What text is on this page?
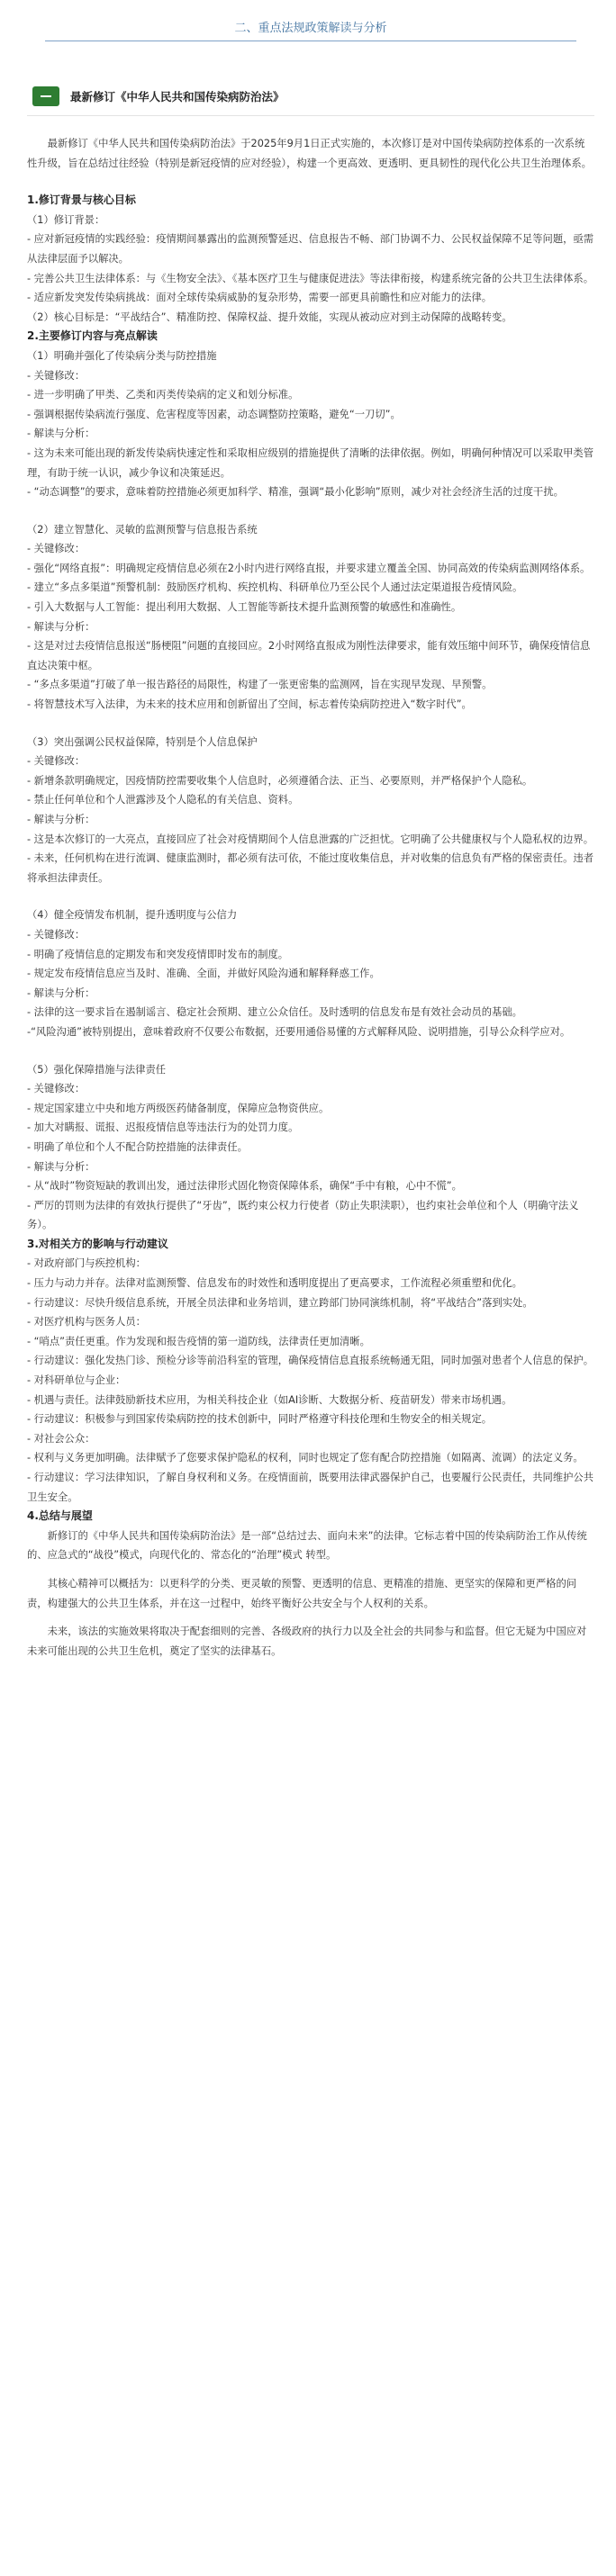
二、重点法规政策解读与分析
最新修订《中华人民共和国传染病防治法》
最新修订《中华人民共和国传染病防治法》于2025年9月1日正式实施的，本次修订是对中国传染病防控体系的一次系统性升级，旨在总结过往经验（特别是新冠疫情的应对经验），构建一个更高效、更透明、更具韧性的现代化公共卫生治理体系。
1.修订背景与核心目标
（1）修订背景：
- 应对新冠疫情的实践经验：疫情期间暴露出的监测预警延迟、信息报告不畅、部门协调不力、公民权益保障不足等问题，亟需从法律层面予以解决。
- 完善公共卫生法律体系：与《生物安全法》、《基本医疗卫生与健康促进法》等法律衔接，构建系统完备的公共卫生法律体系。
- 适应新发突发传染病挑战：面对全球传染病威胁的复杂形势，需要一部更具前瞻性和应对能力的法律。
（2）核心目标是：“平战结合”、精准防控、保障权益、提升效能，实现从被动应对到主动保障的战略转变。
2.主要修订内容与亮点解读
（1）明确并强化了传染病分类与防控措施
- 关键修改：
- 进一步明确了甲类、乙类和丙类传染病的定义和划分标准。
- 强调根据传染病流行强度、危害程度等因素，动态调整防控策略，避免“一刀切”。
- 解读与分析：
- 这为未来可能出现的新发传染病快速定性和采取相应级别的措施提供了清晰的法律依据。例如，明确何种情况可以采取甲类管理，有助于统一认识，减少争议和决策延迟。
- “动态调整”的要求，意味着防控措施必须更加科学、精准，强调“最小化影响”原则，减少对社会经济生活的过度干扰。
（2）建立智慧化、灵敏的监测预警与信息报告系统
- 关键修改：
- 强化“网络直报”：明确规定疫情信息必须在2小时内进行网络直报，并要求建立覆盖全国、协同高效的传染病监测网络体系。
- 建立“多点多渠道”预警机制：鼓励医疗机构、疾控机构、科研单位乃至公民个人通过法定渠道报告疫情风险。
- 引入大数据与人工智能：提出利用大数据、人工智能等新技术提升监测预警的敏感性和准确性。
- 解读与分析：
- 这是对过去疫情信息报送“肠梗阻”问题的直接回应。2小时网络直报成为刚性法律要求，能有效压缩中间环节，确保疫情信息直达决策中枢。
- “多点多渠道”打破了单一报告路径的局限性，构建了一张更密集的监测网，旨在实现早发现、早预警。
- 将智慧技术写入法律，为未来的技术应用和创新留出了空间，标志着传染病防控进入“数字时代”。
（3）突出强调公民权益保障，特别是个人信息保护
- 关键修改：
- 新增条款明确规定，因疫情防控需要收集个人信息时，必须遵循合法、正当、必要原则，并严格保护个人隐私。
- 禁止任何单位和个人泄露涉及个人隐私的有关信息、资料。
- 解读与分析：
- 这是本次修订的一大亮点，直接回应了社会对疫情期间个人信息泄露的广泛担忧。它明确了公共健康权与个人隐私权的边界。
- 未来，任何机构在进行流调、健康监测时，都必须有法可依，不能过度收集信息，并对收集的信息负有严格的保密责任。违者将承担法律责任。
（4）健全疫情发布机制，提升透明度与公信力
- 关键修改：
- 明确了疫情信息的定期发布和突发疫情即时发布的制度。
- 规定发布疫情信息应当及时、准确、全面，并做好风险沟通和解释释惑工作。
- 解读与分析：
- 法律的这一要求旨在遏制谣言、稳定社会预期、建立公众信任。及时透明的信息发布是有效社会动员的基础。
-“风险沟通”被特别提出，意味着政府不仅要公布数据，还要用通俗易懂的方式解释风险、说明措施，引导公众科学应对。
（5）强化保障措施与法律责任
- 关键修改：
- 规定国家建立中央和地方两级医药储备制度，保障应急物资供应。
- 加大对瞒报、谎报、迟报疫情信息等违法行为的处罚力度。
- 明确了单位和个人不配合防控措施的法律责任。
- 解读与分析：
- 从“战时”物资短缺的教训出发，通过法律形式固化物资保障体系，确保“手中有粮，心中不慌”。
- 严厉的罚则为法律的有效执行提供了“牙齿”，既约束公权力行使者（防止失职渎职），也约束社会单位和个人（明确守法义务）。
3.对相关方的影响与行动建议
- 对政府部门与疾控机构：
- 压力与动力并存。法律对监测预警、信息发布的时效性和透明度提出了更高要求，工作流程必须重塑和优化。
- 行动建议：尽快升级信息系统，开展全员法律和业务培训，建立跨部门协同演练机制，将“平战结合”落到实处。
- 对医疗机构与医务人员：
- “哨点”责任更重。作为发现和报告疫情的第一道防线，法律责任更加清晰。
- 行动建议：强化发热门诊、预检分诊等前沿科室的管理，确保疫情信息直报系统畅通无阻，同时加强对患者个人信息的保护。
- 对科研单位与企业：
- 机遇与责任。法律鼓励新技术应用，为相关科技企业（如AI诊断、大数据分析、疫苗研发）带来市场机遇。
- 行动建议：积极参与到国家传染病防控的技术创新中，同时严格遵守科技伦理和生物安全的相关规定。
- 对社会公众：
- 权利与义务更加明确。法律赋予了您要求保护隐私的权利，同时也规定了您有配合防控措施（如隔离、流调）的法定义务。
- 行动建议：学习法律知识，了解自身权利和义务。在疫情面前，既要用法律武器保护自己，也要履行公民责任，共同维护公共卫生安全。
4.总结与展望
新修订的《中华人民共和国传染病防治法》是一部“总结过去、面向未来”的法律。它标志着中国的传染病防治工作从传统的、应急式的“战役”模式，向现代化的、常态化的“治理”模式 转型。
其核心精神可以概括为：以更科学的分类、更灵敏的预警、更透明的信息、更精准的措施、更坚实的保障和更严格的问责，构建强大的公共卫生体系，并在这一过程中，始终平衡好公共安全与个人权利的关系。
未来，该法的实施效果将取决于配套细则的完善、各级政府的执行力以及全社会的共同参与和监督。但它无疑为中国应对未来可能出现的公共卫生危机，奠定了坚实的法律基石。
